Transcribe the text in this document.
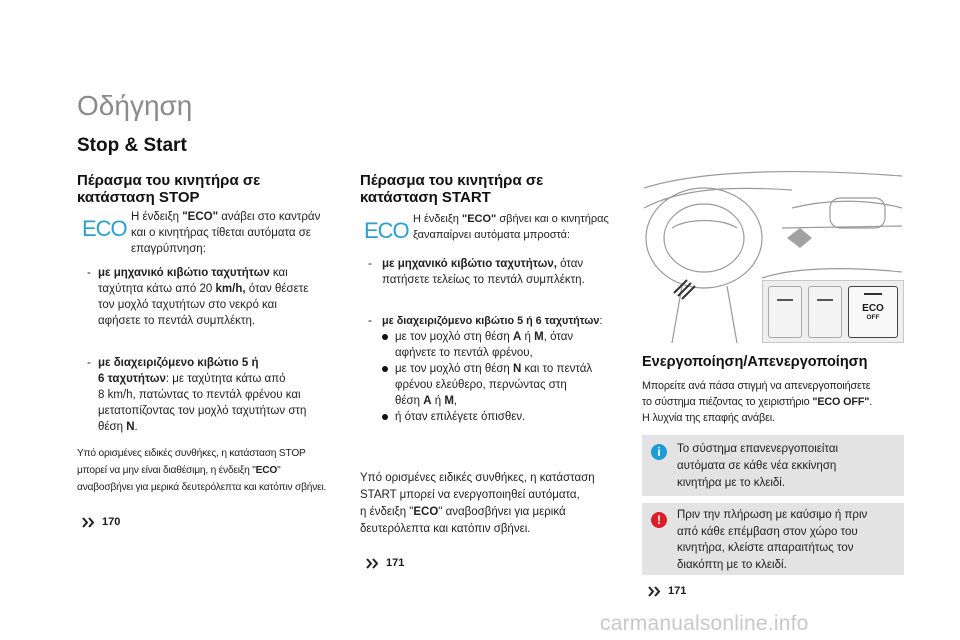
Οδήγηση
Stop & Start
Πέρασμα του κινητήρα σε
κατάσταση STOP
ECO Η ένδειξη "ECO" ανάβει στο καντράν
και ο κινητήρας τίθεται αυτόματα σε
επαγρύπνηση:
- με μηχανικό κιβώτιο ταχυτήτων και
ταχύτητα κάτω από 20 km/h, όταν θέσετε
τον μοχλό ταχυτήτων στο νεκρό και
αφήσετε το πεντάλ συμπλέκτη.
- με διαχειριζόμενο κιβώτιο 5 ή
6 ταχυτήτων: με ταχύτητα κάτω από
8 km/h, πατώντας το πεντάλ φρένου και
μετατοπίζοντας τον μοχλό ταχυτήτων στη
θέση N.
Υπό ορισμένες ειδικές συνθήκες, η κατάσταση STOP
μπορεί να μην είναι διαθέσιμη, η ένδειξη "ECO"
αναβοσβήνει για μερικά δευτερόλεπτα και κατόπιν σβήνει.
170
Πέρασμα του κινητήρα σε
κατάσταση START
ECO Η ένδειξη "ECO" σβήνει και ο κινητήρας
ξαναπαίρνει αυτόματα μπροστά:
- με μηχανικό κιβώτιο ταχυτήτων, όταν
πατήσετε τελείως το πεντάλ συμπλέκτη.
- με διαχειριζόμενο κιβώτιο 5 ή 6 ταχυτήτων:
με τον μοχλό στη θέση A ή M, όταν
αφήνετε το πεντάλ φρένου,
με τον μοχλό στη θέση N και το πεντάλ
φρένου ελεύθερο, περνώντας στη
θέση A ή M,
ή όταν επιλέγετε όπισθεν.
Υπό ορισμένες ειδικές συνθήκες, η κατάσταση
START μπορεί να ενεργοποιηθεί αυτόματα,
η ένδειξη "ECO" αναβοσβήνει για μερικά
δευτερόλεπτα και κατόπιν σβήνει.
171
ECO
OFF
Ενεργοποίηση/Απενεργοποίηση
Μπορείτε ανά πάσα στιγμή να απενεργοποιήσετε
το σύστημα πιέζοντας το χειριστήριο "ECO OFF".
Η λυχνία της επαφής ανάβει.
i	Το σύστημα επανενεργοποιείται
αυτόματα σε κάθε νέα εκκίνηση
κινητήρα με το κλειδί.
!	Πριν την πλήρωση με καύσιμο ή πριν
από κάθε επέμβαση στον χώρο του
κινητήρα, κλείστε απαραιτήτως τον
διακόπτη με το κλειδί.
171
carmanualsonline.info
